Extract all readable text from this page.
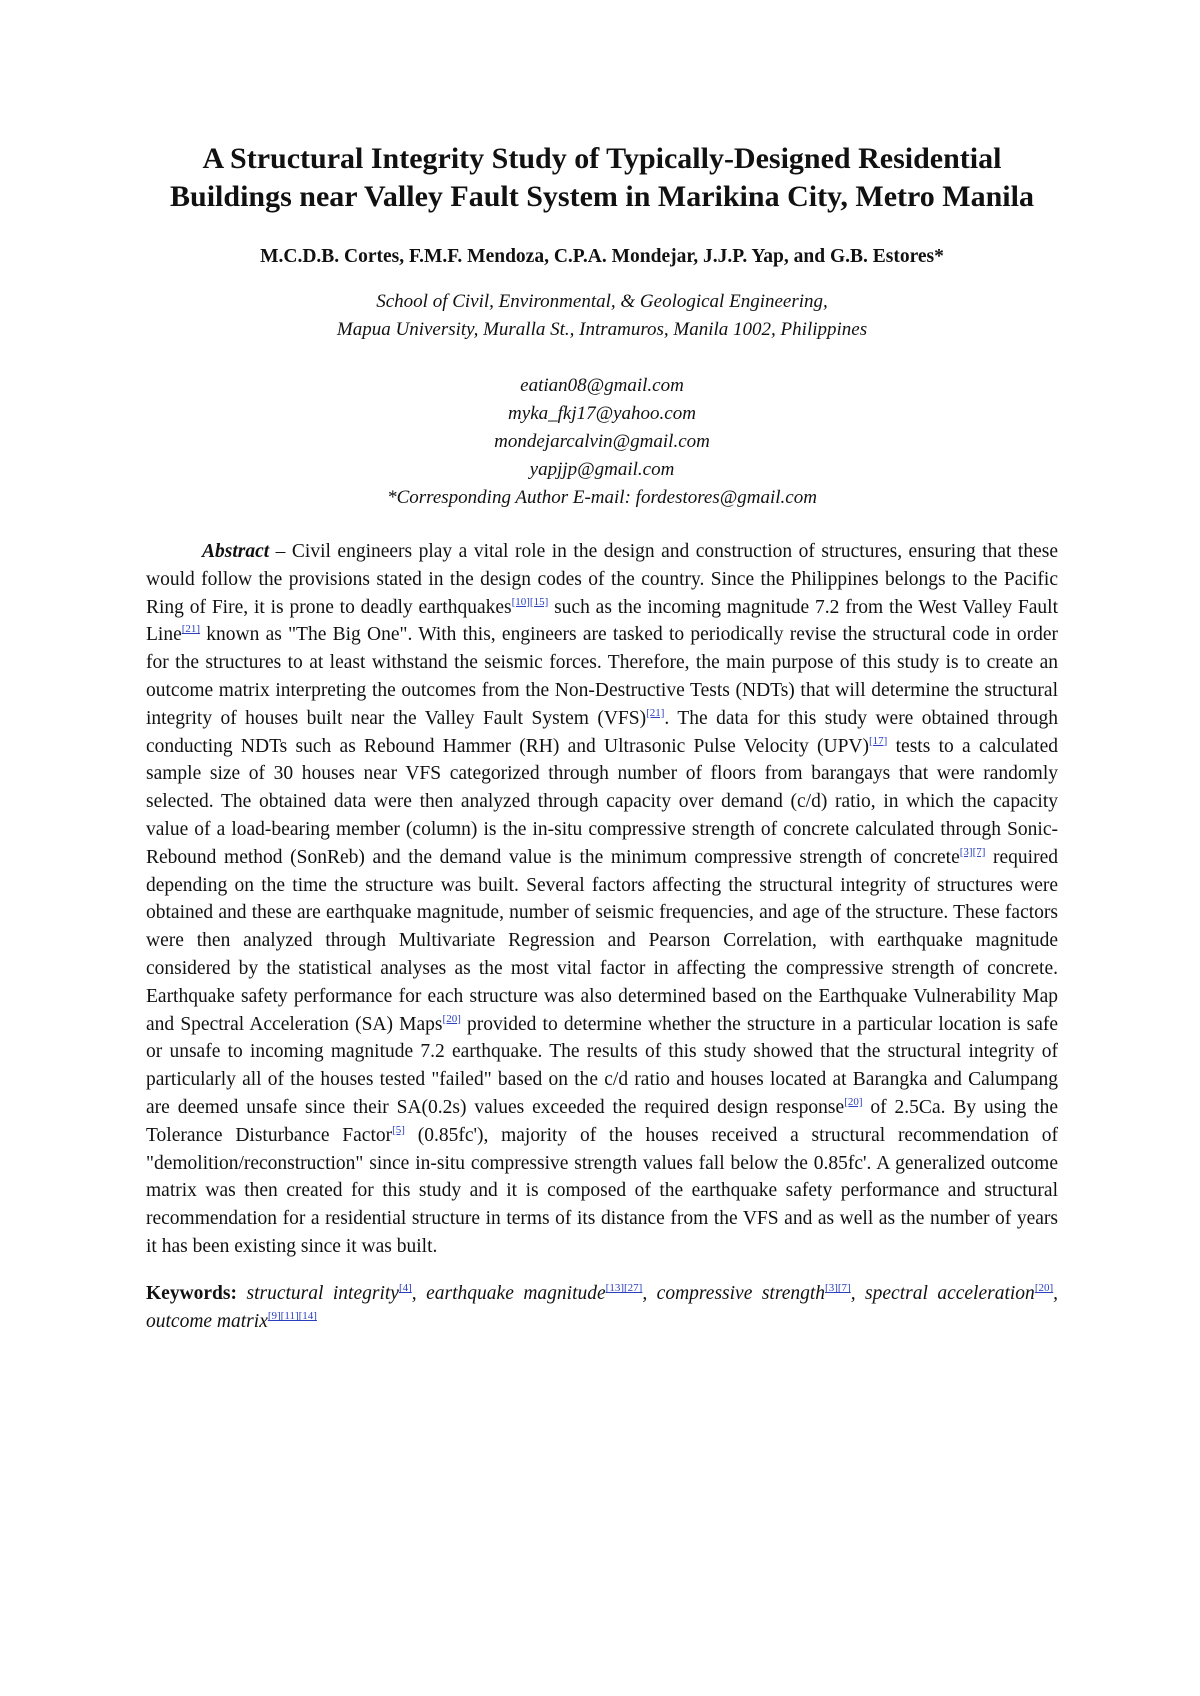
A Structural Integrity Study of Typically-Designed Residential Buildings near Valley Fault System in Marikina City, Metro Manila
M.C.D.B. Cortes, F.M.F. Mendoza, C.P.A. Mondejar, J.J.P. Yap, and G.B. Estores*
School of Civil, Environmental, & Geological Engineering,
Mapua University, Muralla St., Intramuros, Manila 1002, Philippines
eatian08@gmail.com
myka_fkj17@yahoo.com
mondejarcalvin@gmail.com
yapjjp@gmail.com
*Corresponding Author E-mail: fordestores@gmail.com

Abstract – Civil engineers play a vital role in the design and construction of structures, ensuring that these would follow the provisions stated in the design codes of the country. Since the Philippines belongs to the Pacific Ring of Fire, it is prone to deadly earthquakes[10][15] such as the incoming magnitude 7.2 from the West Valley Fault Line[21] known as "The Big One". With this, engineers are tasked to periodically revise the structural code in order for the structures to at least withstand the seismic forces. Therefore, the main purpose of this study is to create an outcome matrix interpreting the outcomes from the Non-Destructive Tests (NDTs) that will determine the structural integrity of houses built near the Valley Fault System (VFS)[21]. The data for this study were obtained through conducting NDTs such as Rebound Hammer (RH) and Ultrasonic Pulse Velocity (UPV)[17] tests to a calculated sample size of 30 houses near VFS categorized through number of floors from barangays that were randomly selected. The obtained data were then analyzed through capacity over demand (c/d) ratio, in which the capacity value of a load-bearing member (column) is the in-situ compressive strength of concrete calculated through Sonic-Rebound method (SonReb) and the demand value is the minimum compressive strength of concrete[3][7] required depending on the time the structure was built. Several factors affecting the structural integrity of structures were obtained and these are earthquake magnitude, number of seismic frequencies, and age of the structure. These factors were then analyzed through Multivariate Regression and Pearson Correlation, with earthquake magnitude considered by the statistical analyses as the most vital factor in affecting the compressive strength of concrete. Earthquake safety performance for each structure was also determined based on the Earthquake Vulnerability Map and Spectral Acceleration (SA) Maps[20] provided to determine whether the structure in a particular location is safe or unsafe to incoming magnitude 7.2 earthquake. The results of this study showed that the structural integrity of particularly all of the houses tested "failed" based on the c/d ratio and houses located at Barangka and Calumpang are deemed unsafe since their SA(0.2s) values exceeded the required design response[20] of 2.5Ca. By using the Tolerance Disturbance Factor[5] (0.85fc'), majority of the houses received a structural recommendation of "demolition/reconstruction" since in-situ compressive strength values fall below the 0.85fc'. A generalized outcome matrix was then created for this study and it is composed of the earthquake safety performance and structural recommendation for a residential structure in terms of its distance from the VFS and as well as the number of years it has been existing since it was built.

Keywords: structural integrity[4], earthquake magnitude[13][27], compressive strength[3][7], spectral acceleration[20], outcome matrix[9][11][14]
